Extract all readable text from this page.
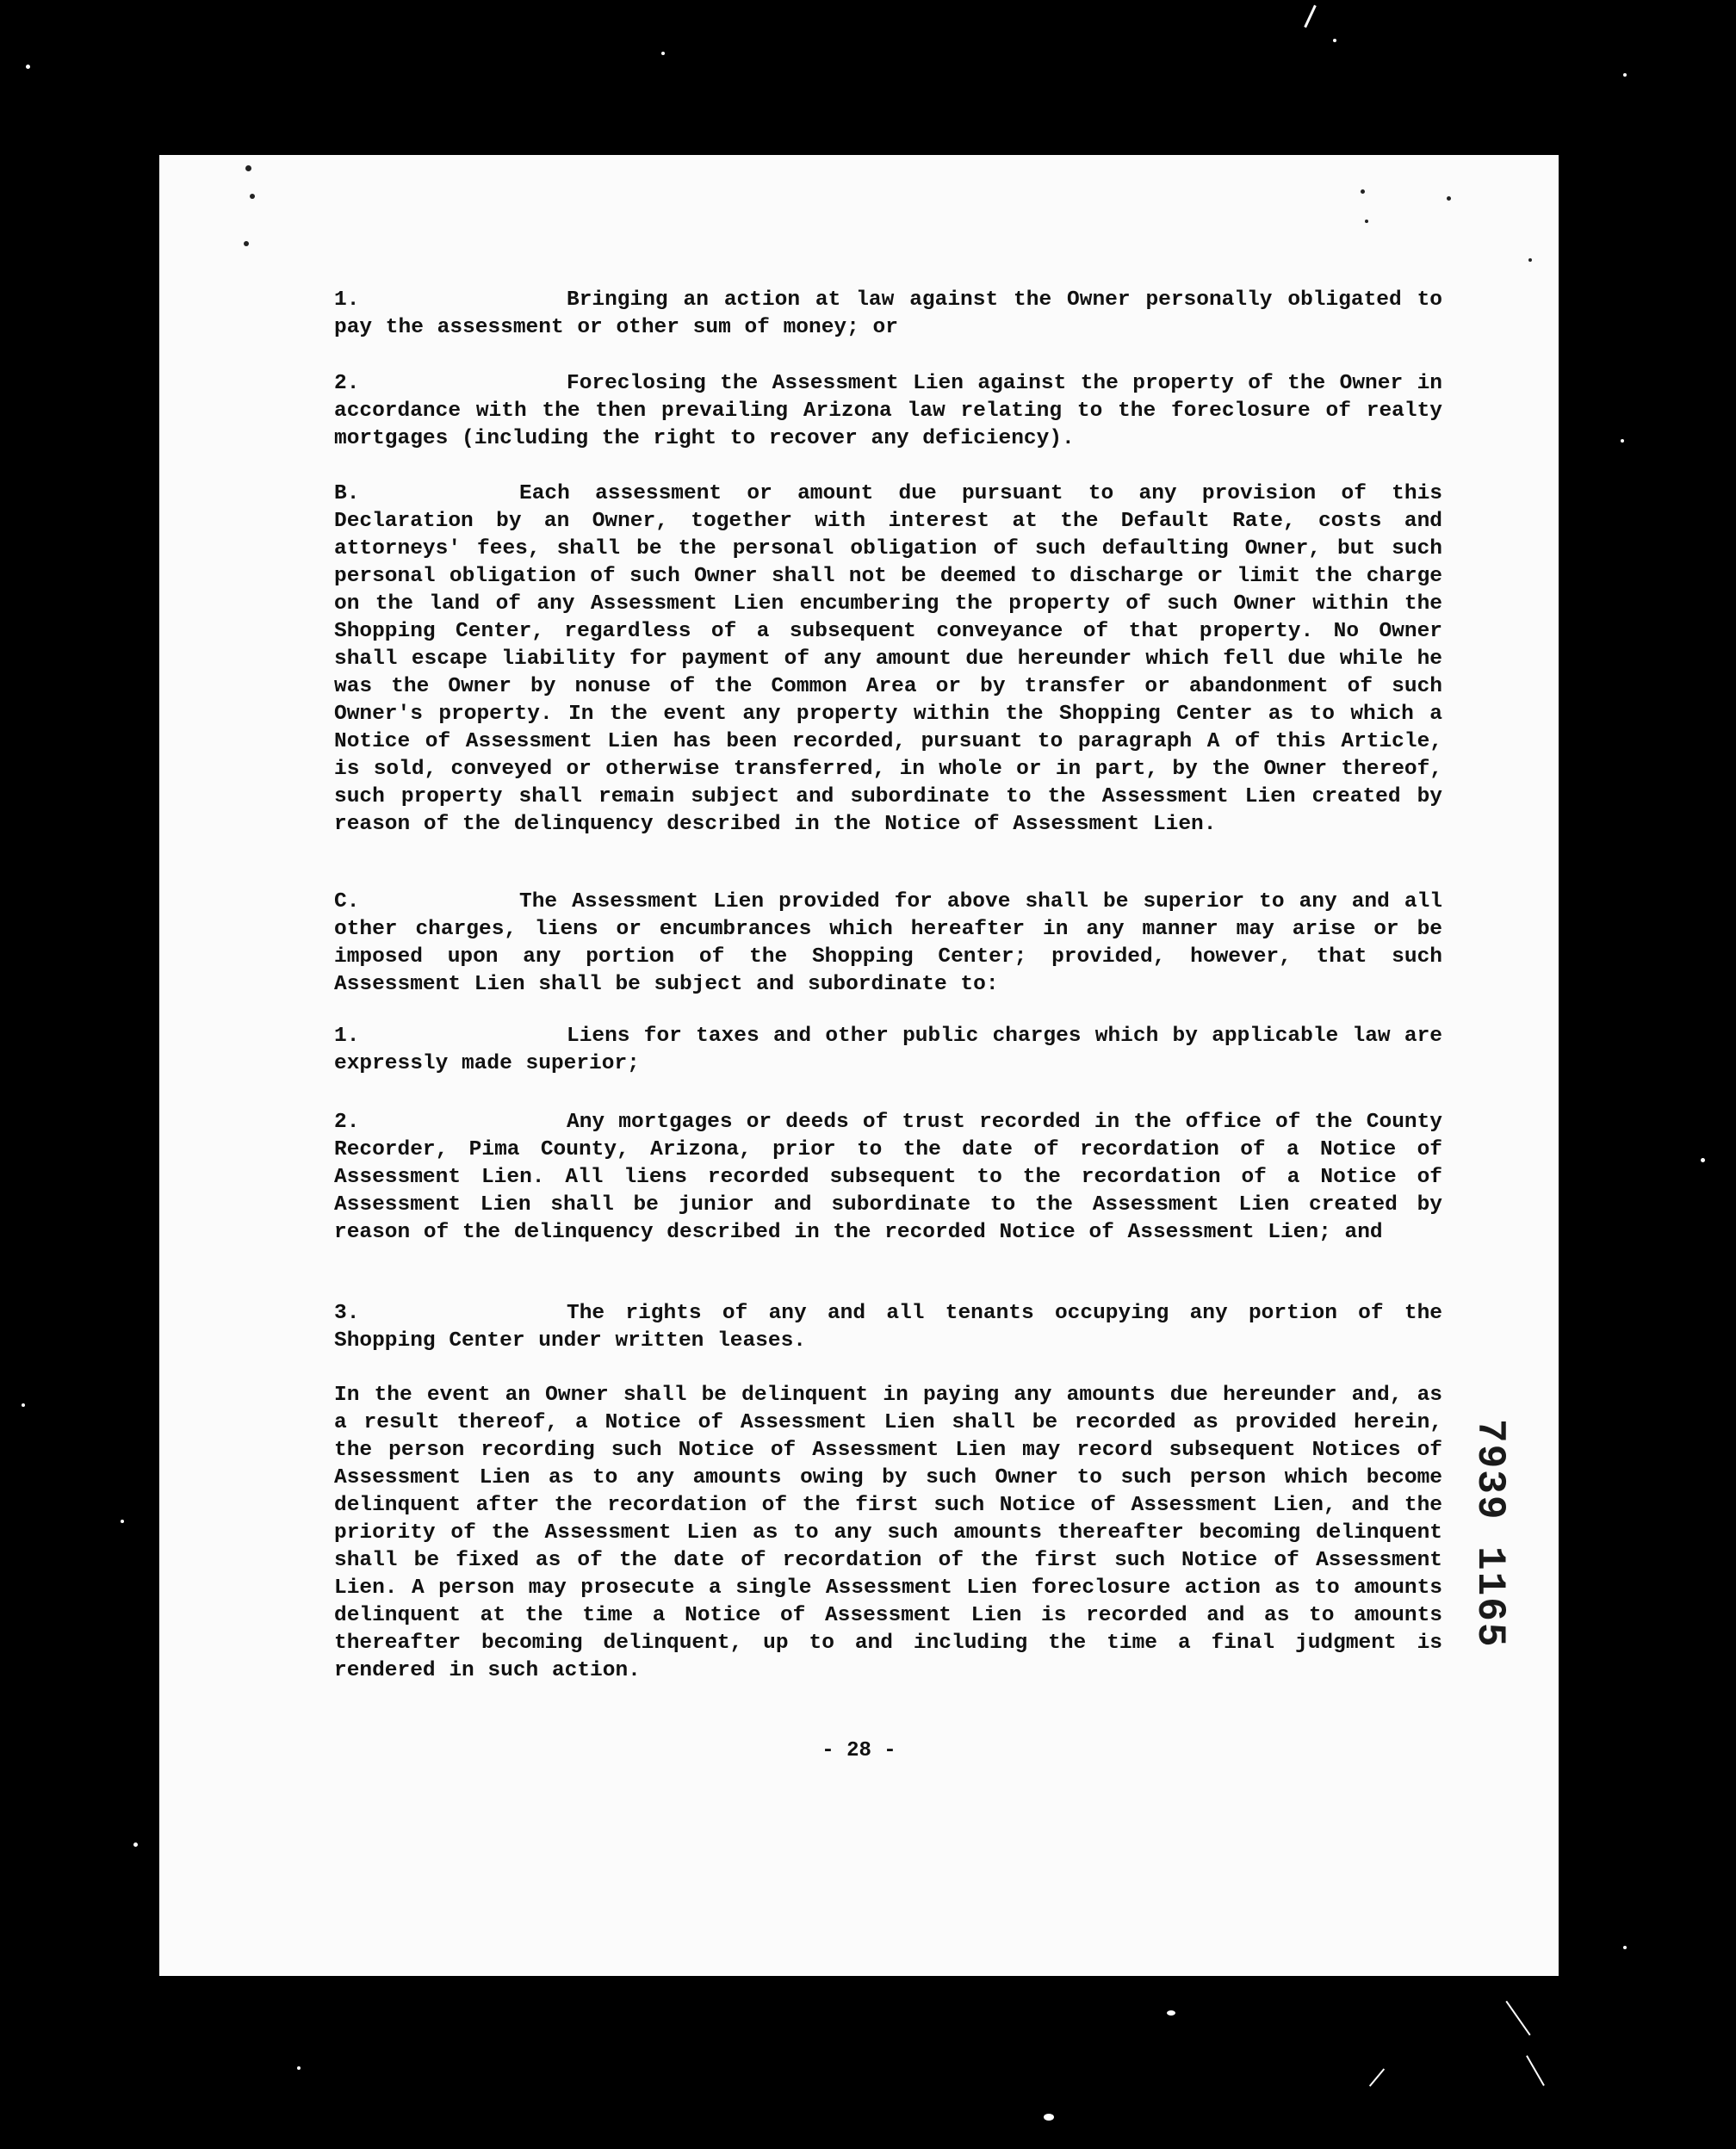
1.	Bringing an action at law against the Owner personally obligated to pay the assessment or other sum of money; or

2.	Foreclosing the Assessment Lien against the property of the Owner in accordance with the then prevailing Arizona law relating to the foreclosure of realty mortgages (including the right to recover any deficiency).

B.	Each assessment or amount due pursuant to any provision of this Declaration by an Owner, together with interest at the Default Rate, costs and attorneys' fees, shall be the personal obligation of such defaulting Owner, but such personal obligation of such Owner shall not be deemed to discharge or limit the charge on the land of any Assessment Lien encumbering the property of such Owner within the Shopping Center, regardless of a subsequent conveyance of that property. No Owner shall escape liability for payment of any amount due hereunder which fell due while he was the Owner by nonuse of the Common Area or by transfer or abandonment of such Owner's property. In the event any property within the Shopping Center as to which a Notice of Assessment Lien has been recorded, pursuant to paragraph A of this Article, is sold, conveyed or otherwise transferred, in whole or in part, by the Owner thereof, such property shall remain subject and subordinate to the Assessment Lien created by reason of the delinquency described in the Notice of Assessment Lien.

C.	The Assessment Lien provided for above shall be superior to any and all other charges, liens or encumbrances which hereafter in any manner may arise or be imposed upon any portion of the Shopping Center; provided, however, that such Assessment Lien shall be subject and subordinate to:

1.	Liens for taxes and other public charges which by applicable law are expressly made superior;

2.	Any mortgages or deeds of trust recorded in the office of the County Recorder, Pima County, Arizona, prior to the date of recordation of a Notice of Assessment Lien. All liens recorded subsequent to the recordation of a Notice of Assessment Lien shall be junior and subordinate to the Assessment Lien created by reason of the delinquency described in the recorded Notice of Assessment Lien; and

3.	The rights of any and all tenants occupying any portion of the Shopping Center under written leases.

In the event an Owner shall be delinquent in paying any amounts due hereunder and, as a result thereof, a Notice of Assessment Lien shall be recorded as provided herein, the person recording such Notice of Assessment Lien may record subsequent Notices of Assessment Lien as to any amounts owing by such Owner to such person which become delinquent after the recordation of the first such Notice of Assessment Lien, and the priority of the Assessment Lien as to any such amounts thereafter becoming delinquent shall be fixed as of the date of recordation of the first such Notice of Assessment Lien. A person may prosecute a single Assessment Lien foreclosure action as to amounts delinquent at the time a Notice of Assessment Lien is recorded and as to amounts thereafter becoming delinquent, up to and including the time a final judgment is rendered in such action.

- 28 -
7939 1165
